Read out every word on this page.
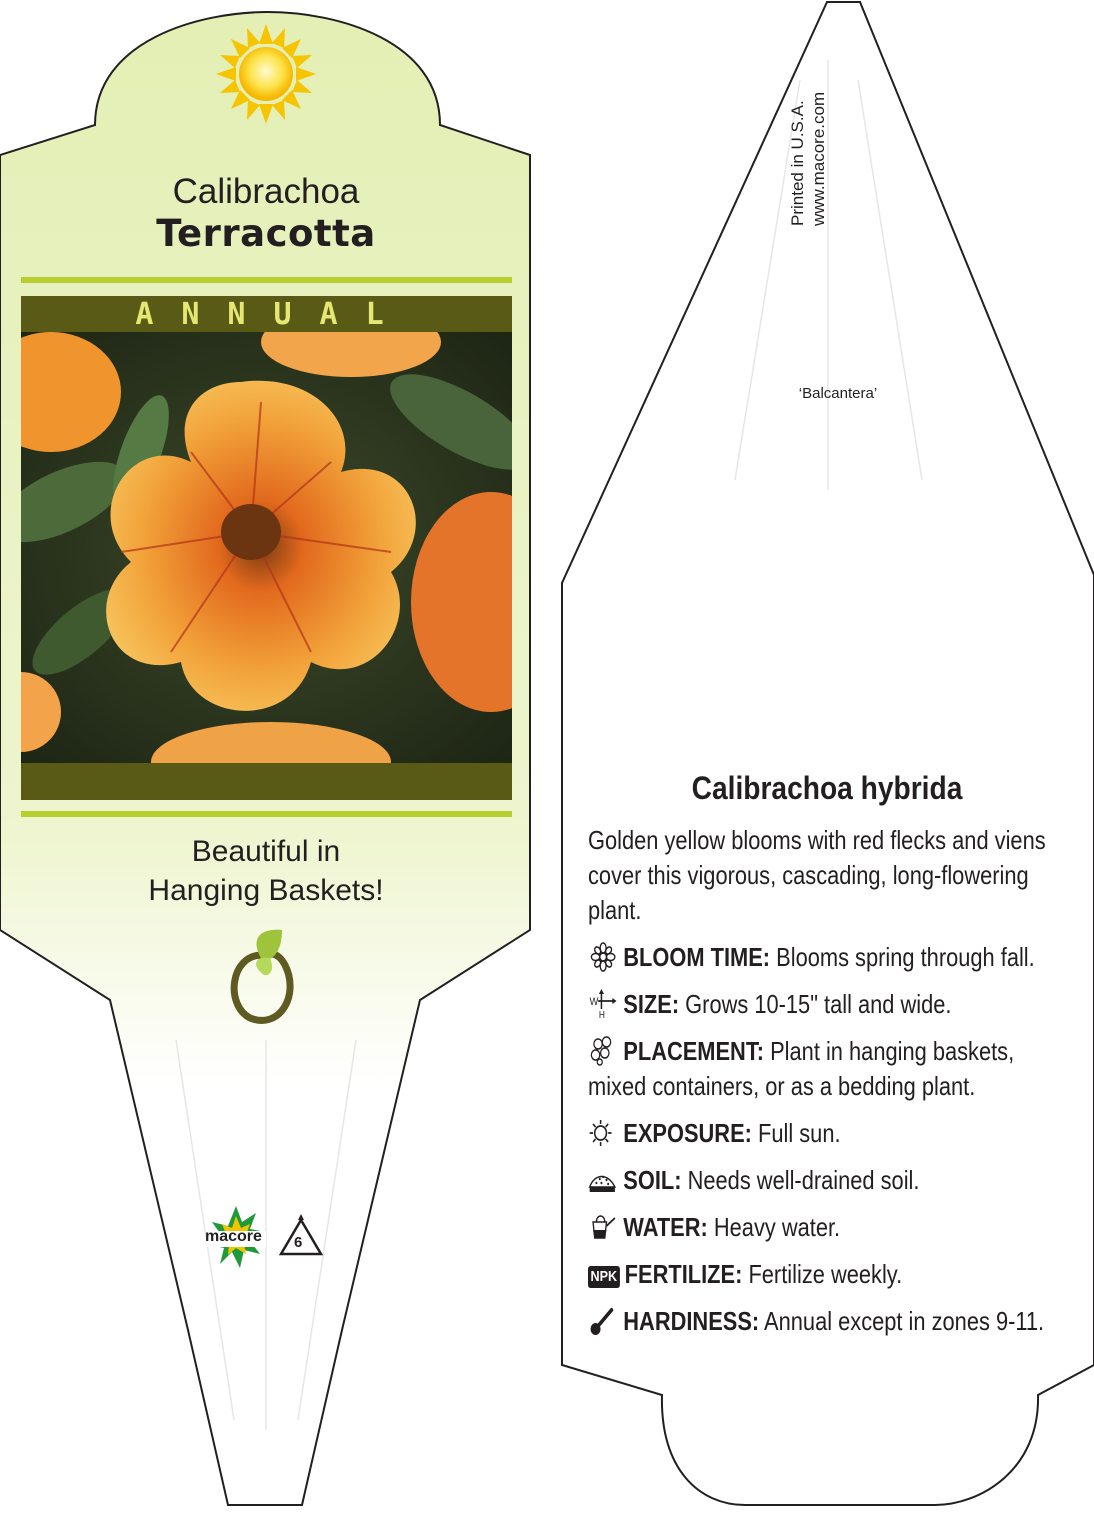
Calibrachoa
Terracotta
ANNUAL
Beautiful in
Hanging Baskets!
macore 6
Printed in U.S.A. www.macore.com
‘Balcantera’
Calibrachoa hybrida
Golden yellow blooms with red flecks and viens cover this vigorous, cascading, long-flowering plant.
BLOOM TIME: Blooms spring through fall.
W
H SIZE: Grows 10-15" tall and wide.
PLACEMENT: Plant in hanging baskets, mixed containers, or as a bedding plant.
EXPOSURE: Full sun.
SOIL: Needs well-drained soil.
WATER: Heavy water.
NPK FERTILIZE: Fertilize weekly.
HARDINESS: Annual except in zones 9-11.
